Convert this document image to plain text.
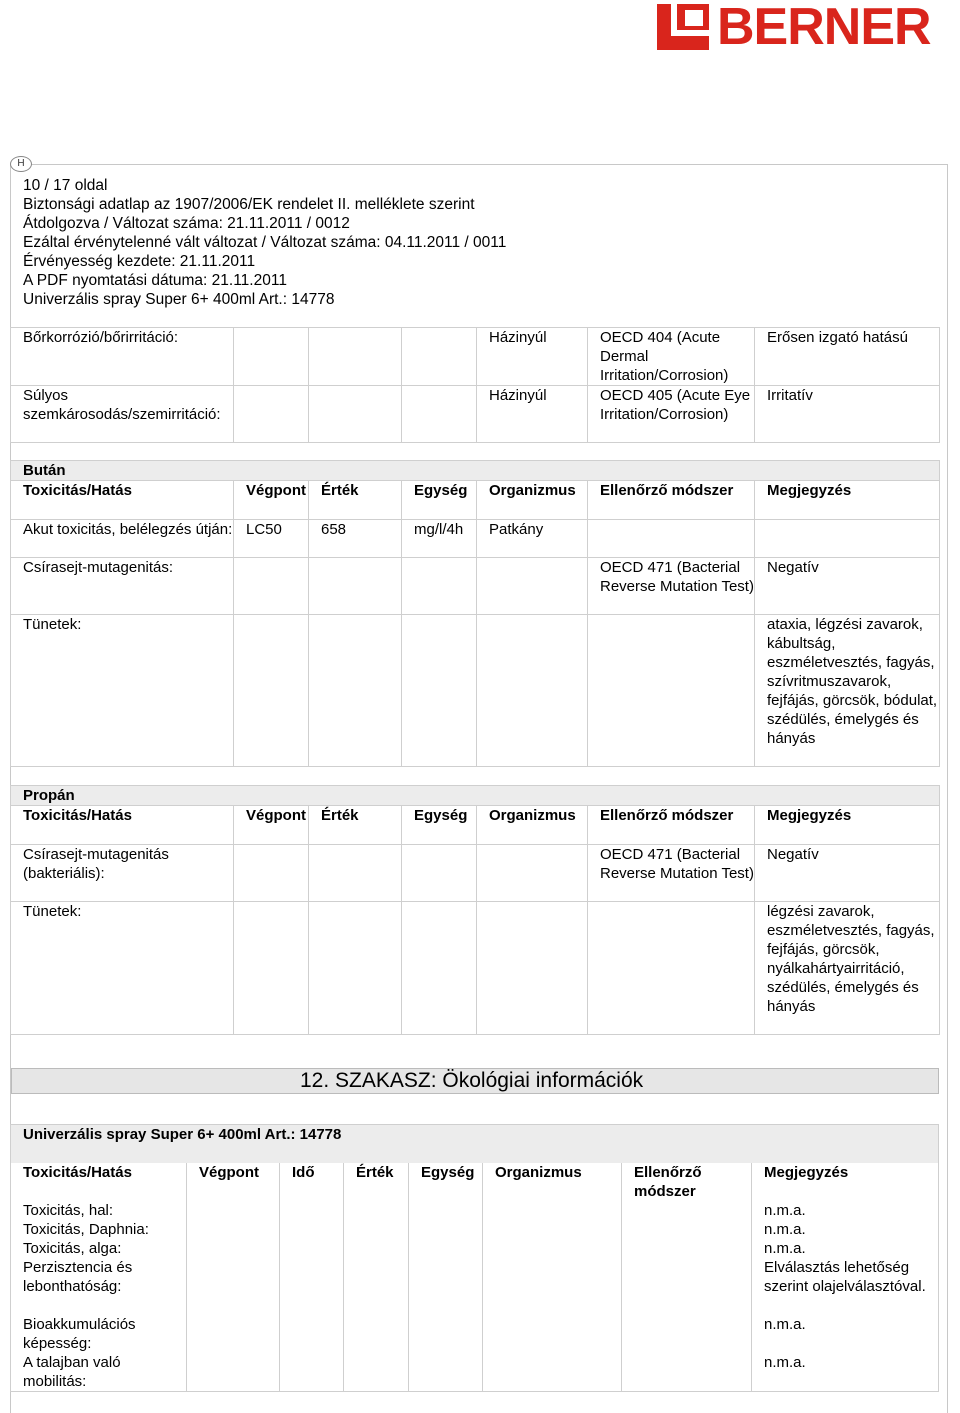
BERNER
H
10 / 17 oldal
Biztonsági adatlap az 1907/2006/EK rendelet II. melléklete szerint
Átdolgozva / Változat száma: 21.11.2011 / 0012
Ezáltal érvénytelenné vált változat / Változat száma: 04.11.2011 / 0011
Érvényesség kezdete: 21.11.2011
A PDF nyomtatási dátuma: 21.11.2011
Univerzális spray Super 6+ 400ml Art.: 14778
Bőrkorrózió/bőrirritáció:				Házinyúl	OECD 404 (Acute Dermal Irritation/Corrosion)	Erősen izgató hatású
Súlyos szemkárosodás/szemirritáció:				Házinyúl	OECD 405 (Acute Eye Irritation/Corrosion)	Irritatív
Bután						
Toxicitás/Hatás	Végpont	Érték	Egység	Organizmus	Ellenőrző módszer	Megjegyzés
Akut toxicitás, belélegzés útján:	LC50	658	mg/l/4h	Patkány		
Csírasejt-mutagenitás:					OECD 471 (Bacterial Reverse Mutation Test)	Negatív
Tünetek:						ataxia, légzési zavarok, kábultság, eszméletvesztés, fagyás, szívritmuszavarok, fejfájás, görcsök, bódulat, szédülés, émelygés és hányás
Propán						
Toxicitás/Hatás	Végpont	Érték	Egység	Organizmus	Ellenőrző módszer	Megjegyzés
Csírasejt-mutagenitás (bakteriális):					OECD 471 (Bacterial Reverse Mutation Test)	Negatív
Tünetek:						légzési zavarok, eszméletvesztés, fagyás, fejfájás, görcsök, nyálkahártyairritáció, szédülés, émelygés és hányás
12. SZAKASZ: Ökológiai információk
Univerzális spray Super 6+ 400ml Art.: 14778							
Toxicitás/Hatás	Végpont	Idő	Érték	Egység	Organizmus	Ellenőrző módszer	Megjegyzés
Toxicitás, hal:							n.m.a.
Toxicitás, Daphnia:							n.m.a.
Toxicitás, alga:							n.m.a.
Perzisztencia és lebonthatóság:							Elválasztás lehetőség szerint olajelválasztóval.
Bioakkumulációs képesség:							n.m.a.
A talajban való mobilitás:							n.m.a.
